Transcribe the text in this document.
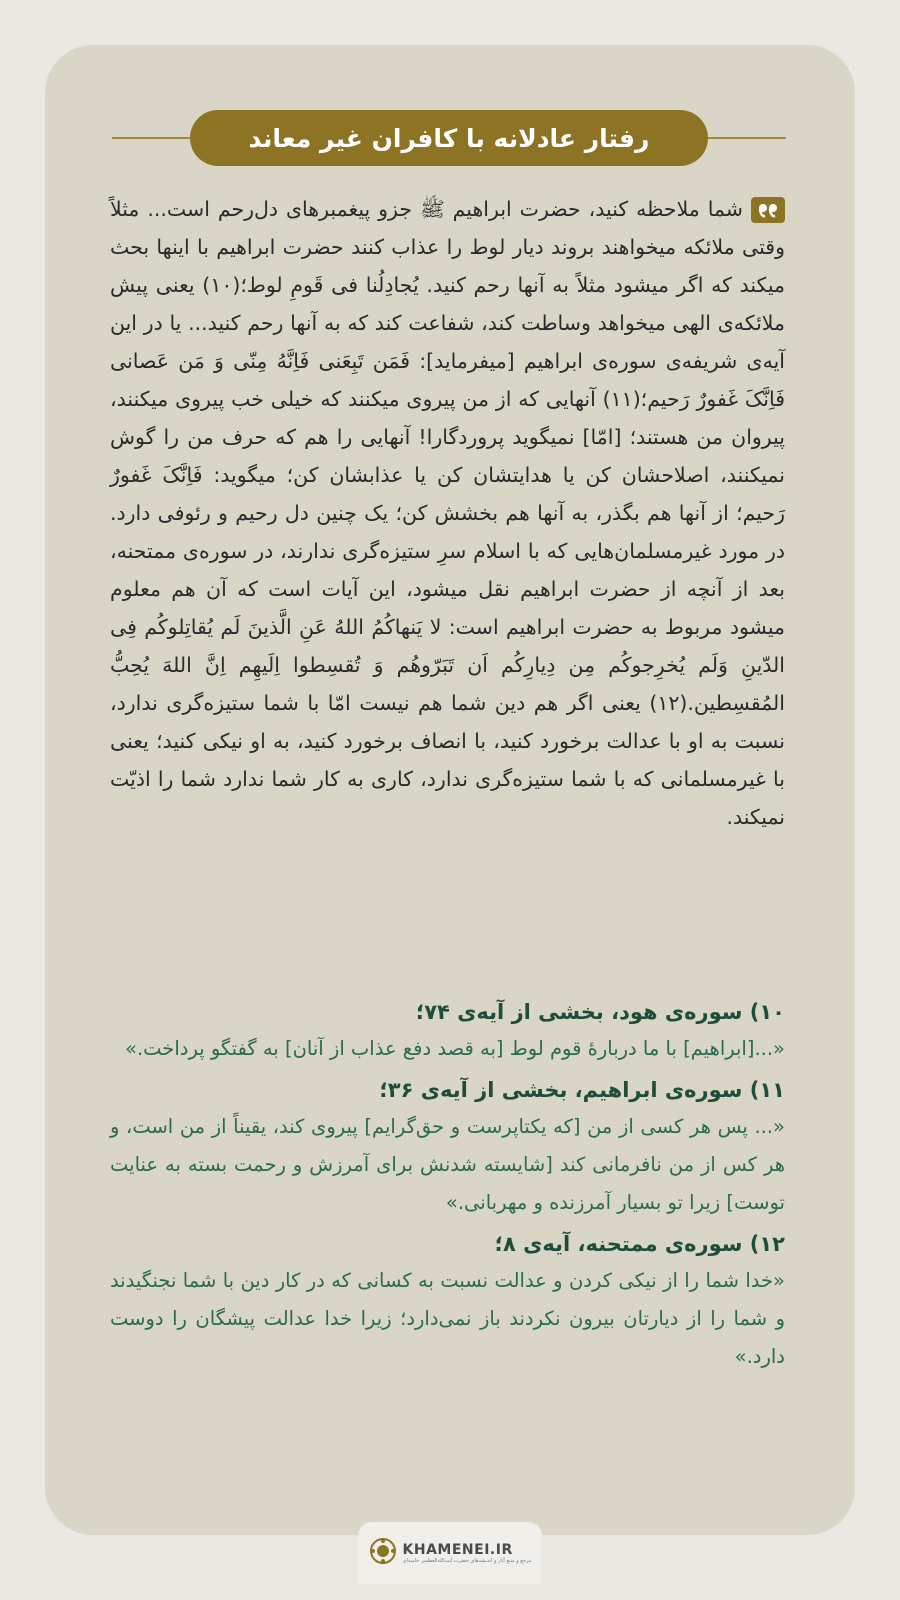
رفتار عادلانه با کافران غیر معاند
شما ملاحظه کنید، حضرت ابراهیم ﷺ جزو پیغمبرهای دل‌رحم است... مثلاً وقتی ملائکه میخواهند بروند دیار لوط را عذاب کنند حضرت ابراهیم با اینها بحث میکند که اگر میشود مثلاً به آنها رحم کنید. یُجادِلُنا فی قَومِ لوط؛(۱۰) یعنی پیش ملائکه‌ی الهی میخواهد وساطت کند، شفاعت کند که به آنها رحم کنید... یا در این آیه‌ی شریفه‌ی سوره‌ی ابراهیم [میفرماید]: فَمَن تَبِعَنی فَاِنَّهُ مِنّی وَ مَن عَصانی فَاِنَّکَ غَفورٌ رَحیم؛(۱۱) آنهایی که از من پیروی میکنند که خیلی خب پیروی میکنند، پیروان من هستند؛ [امّا] نمیگوید پروردگارا! آنهایی را هم که حرف من را گوش نمیکنند، اصلاحشان کن یا هدایتشان کن یا عذابشان کن؛ میگوید: فَاِنَّکَ غَفورٌ رَحیم؛ از آنها هم بگذر، به آنها هم بخشش کن؛ یک چنین دل رحیم و رئوفی دارد. در مورد غیرمسلمان‌هایی که با اسلام سرِ ستیزه‌گری ندارند، در سوره‌ی ممتحنه، بعد از آنچه از حضرت ابراهیم نقل میشود، این آیات است که آن هم معلوم میشود مربوط به حضرت ابراهیم است: لا یَنهاکُمُ اللهُ عَنِ الَّذینَ لَم یُقاتِلوکُم فِی الدّینِ وَلَم یُخرِجوکُم مِن دِیارِکُم اَن تَبَرّوهُم وَ تُقسِطوا اِلَیهِم اِنَّ اللهَ یُحِبُّ المُقسِطین.(۱۲) یعنی اگر هم دین شما هم نیست امّا با شما ستیزه‌گری ندارد، نسبت به او با عدالت برخورد کنید، با انصاف برخورد کنید، به او نیکی کنید؛ یعنی با غیرمسلمانی که با شما ستیزه‌گری ندارد، کاری به کار شما ندارد شما را اذیّت نمیکند.
۱۰) سوره‌ی هود، بخشی از آیه‌ی ۷۴؛
«...[ابراهیم] با ما دربارهٔ قوم لوط [به قصد دفع عذاب از آنان] به گفتگو پرداخت.»
۱۱) سوره‌ی ابراهیم، بخشی از آیه‌ی ۳۶؛
«... پس هر کسی از من [که یکتاپرست و حق‌گرایم] پیروی کند، یقیناً از من است، و هر کس از من نافرمانی کند [شایسته شدنش برای آمرزش و رحمت بسته به عنایت توست] زیرا تو بسیار آمرزنده و مهربانی.»
۱۲) سوره‌ی ممتحنه، آیه‌ی ۸؛
«خدا شما را از نیکی کردن و عدالت نسبت به کسانی که در کار دین با شما نجنگیدند و شما را از دیارتان بیرون نکردند باز نمی‌دارد؛ زیرا خدا عدالت پیشگان را دوست دارد.»
KHAMENEI.IR
مرجع و منبع آثار و اندیشه‌های حضرت آیت‌الله‌العظمی خامنه‌ای
